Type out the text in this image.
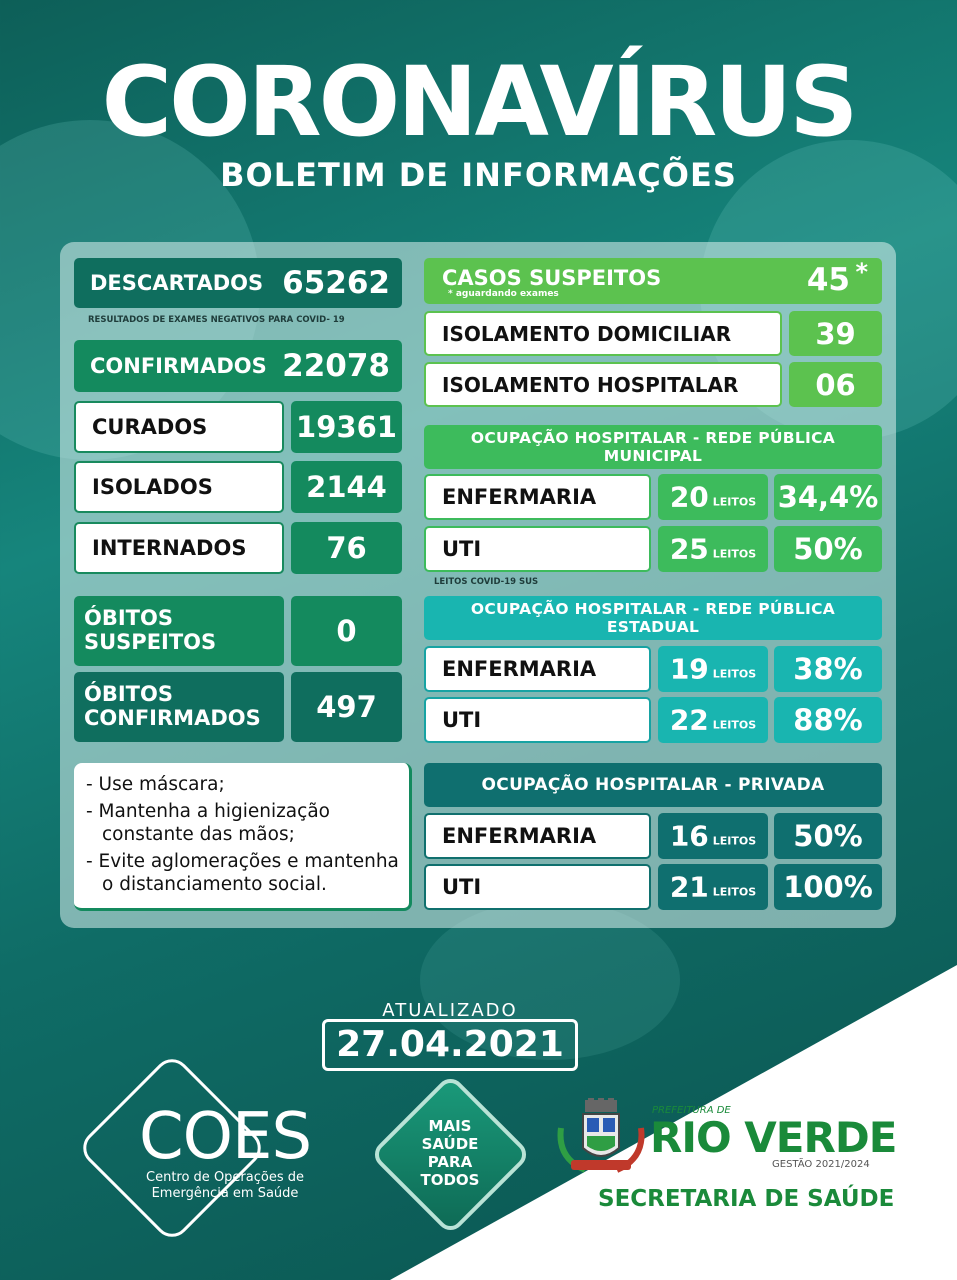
CORONAVÍRUS
BOLETIM DE INFORMAÇÕES
DESCARTADOS 65262
RESULTADOS DE EXAMES NEGATIVOS PARA COVID- 19
CONFIRMADOS 22078
CURADOS	19361
ISOLADOS	2144
INTERNADOS	76
ÓBITOS
SUSPEITOS	0
ÓBITOS
CONFIRMADOS	497
- Use máscara;
- Mantenha a higienização constante das mãos;
- Evite aglomerações e mantenha o distanciamento social.
CASOS SUSPEITOS
* aguardando exames	45 *
ISOLAMENTO DOMICILIAR	39
ISOLAMENTO HOSPITALAR	06
OCUPAÇÃO HOSPITALAR - REDE PÚBLICA MUNICIPAL
ENFERMARIA	20 LEITOS 34,4%
UTI	25 LEITOS	50%
LEITOS COVID-19 SUS
OCUPAÇÃO HOSPITALAR - REDE PÚBLICA ESTADUAL
ENFERMARIA	19 LEITOS	38%
UTI	22 LEITOS	88%
OCUPAÇÃO HOSPITALAR - PRIVADA
ENFERMARIA	16 LEITOS	50%
UTI	21 LEITOS 100%
ATUALIZADO
27.04.2021
COES
Centro de Operações de
Emergência em Saúde
MAIS
SAÚDE
PARA
TODOS
PREFEITURA DE
RIO VERDE
GESTÃO 2021/2024
SECRETARIA DE SAÚDE
